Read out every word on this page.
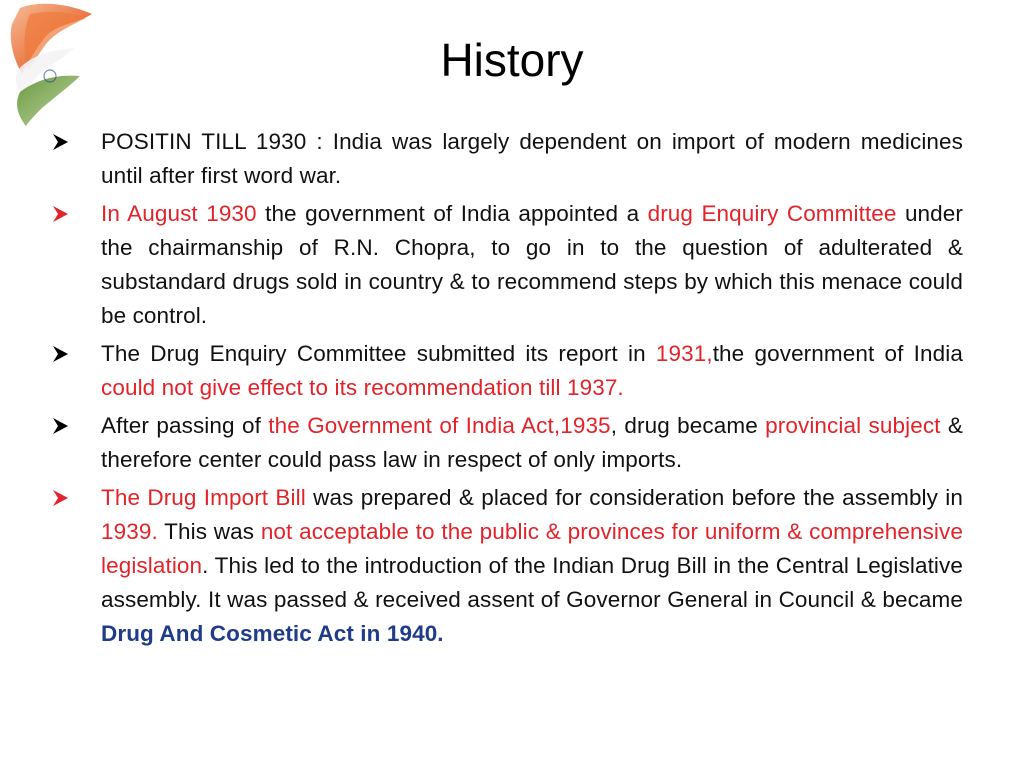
History
POSITIN TILL 1930 : India was largely dependent on import of modern medicines until after first word war.
In August 1930 the government of India appointed a drug Enquiry Committee under the chairmanship of R.N. Chopra, to go in to the question of adulterated & substandard drugs sold in country & to recommend steps by which this menace could be control.
The Drug Enquiry Committee submitted its report in 1931,the government of India could not give effect to its recommendation till 1937.
After passing of the Government of India Act,1935, drug became provincial subject & therefore center could pass law in respect of only imports.
The Drug Import Bill was prepared & placed for consideration before the assembly in 1939. This was not acceptable to the public & provinces for uniform & comprehensive legislation. This led to the introduction of the Indian Drug Bill in the Central Legislative assembly. It was passed & received assent of Governor General in Council & became Drug And Cosmetic Act in 1940.
